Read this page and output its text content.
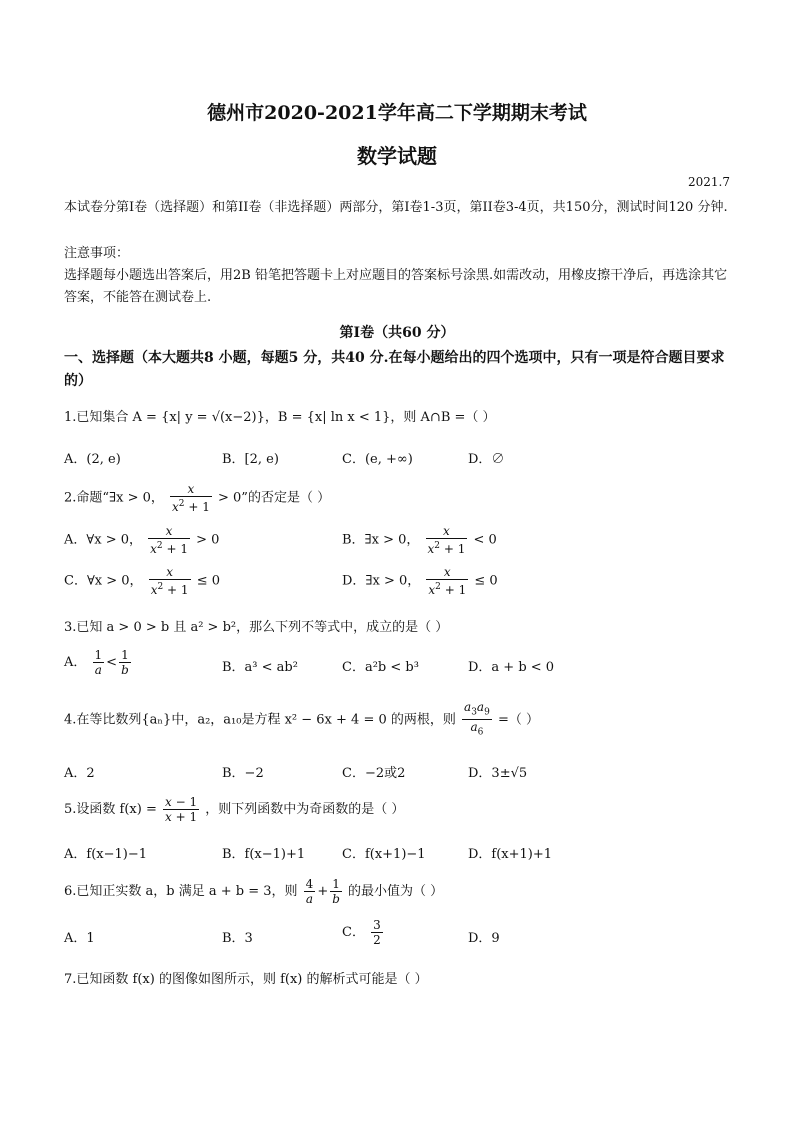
德州市2020-2021学年高二下学期期末考试
数学试题
2021.7
本试卷分第I卷（选择题）和第II卷（非选择题）两部分，第I卷1-3页，第II卷3-4页，共150分，测试时间120 分钟.
注意事项：
选择题每小题选出答案后，用2B 铅笔把答题卡上对应题目的答案标号涂黑.如需改动，用橡皮擦干净后，再选涂其它答案，不能答在测试卷上.
第I卷（共60 分）
一、选择题（本大题共8 小题，每题5 分，共40 分.在每小题给出的四个选项中，只有一项是符合题目要求的）
1.已知集合 A = {x| y = √(x−2)}，B = {x| ln x < 1}，则 A∩B =（ ）
A．(2, e)	B．[2, e)	C．(e, +∞)	D．∅
2.命题“∃x > 0， $\frac{x}{x^2 + 1} > 0$”的否定是（ ）
A．∀x > 0， $\frac{x}{x^2 + 1} > 0$	B．∃x > 0， $\frac{x}{x^2 + 1} < 0$
C．∀x > 0， $\frac{x}{x^2 + 1} \le 0$	D．∃x > 0， $\frac{x}{x^2 + 1} \le 0$
3.已知 a > 0 > b 且 a² > b²，那么下列不等式中，成立的是（ ）
A． $\frac{1}{a} < \frac{1}{b}$	B．a³ < ab²	C．a²b < b³	D．a + b < 0
4.在等比数列{aₙ}中，a₂，a₁₀是方程 x² − 6x + 4 = 0 的两根，则 $\frac{a_3a_9}{a_6}$ =（ ）
A．2	B．−2	C．−2或2	D．3±√5
5.设函数 $f(x) = \frac{x - 1}{x + 1}$ ，则下列函数中为奇函数的是（ ）
A．f(x−1)−1	B．f(x−1)+1	C．f(x+1)−1	D．f(x+1)+1
6.已知正实数 a，b 满足 a + b = 3，则 $\frac{4}{a} + \frac{1}{b}$ 的最小值为（ ）
A．1	B．3	C． $\frac{3}{2}$	D．9
7.已知函数 f(x) 的图像如图所示，则 f(x) 的解析式可能是（ ）
